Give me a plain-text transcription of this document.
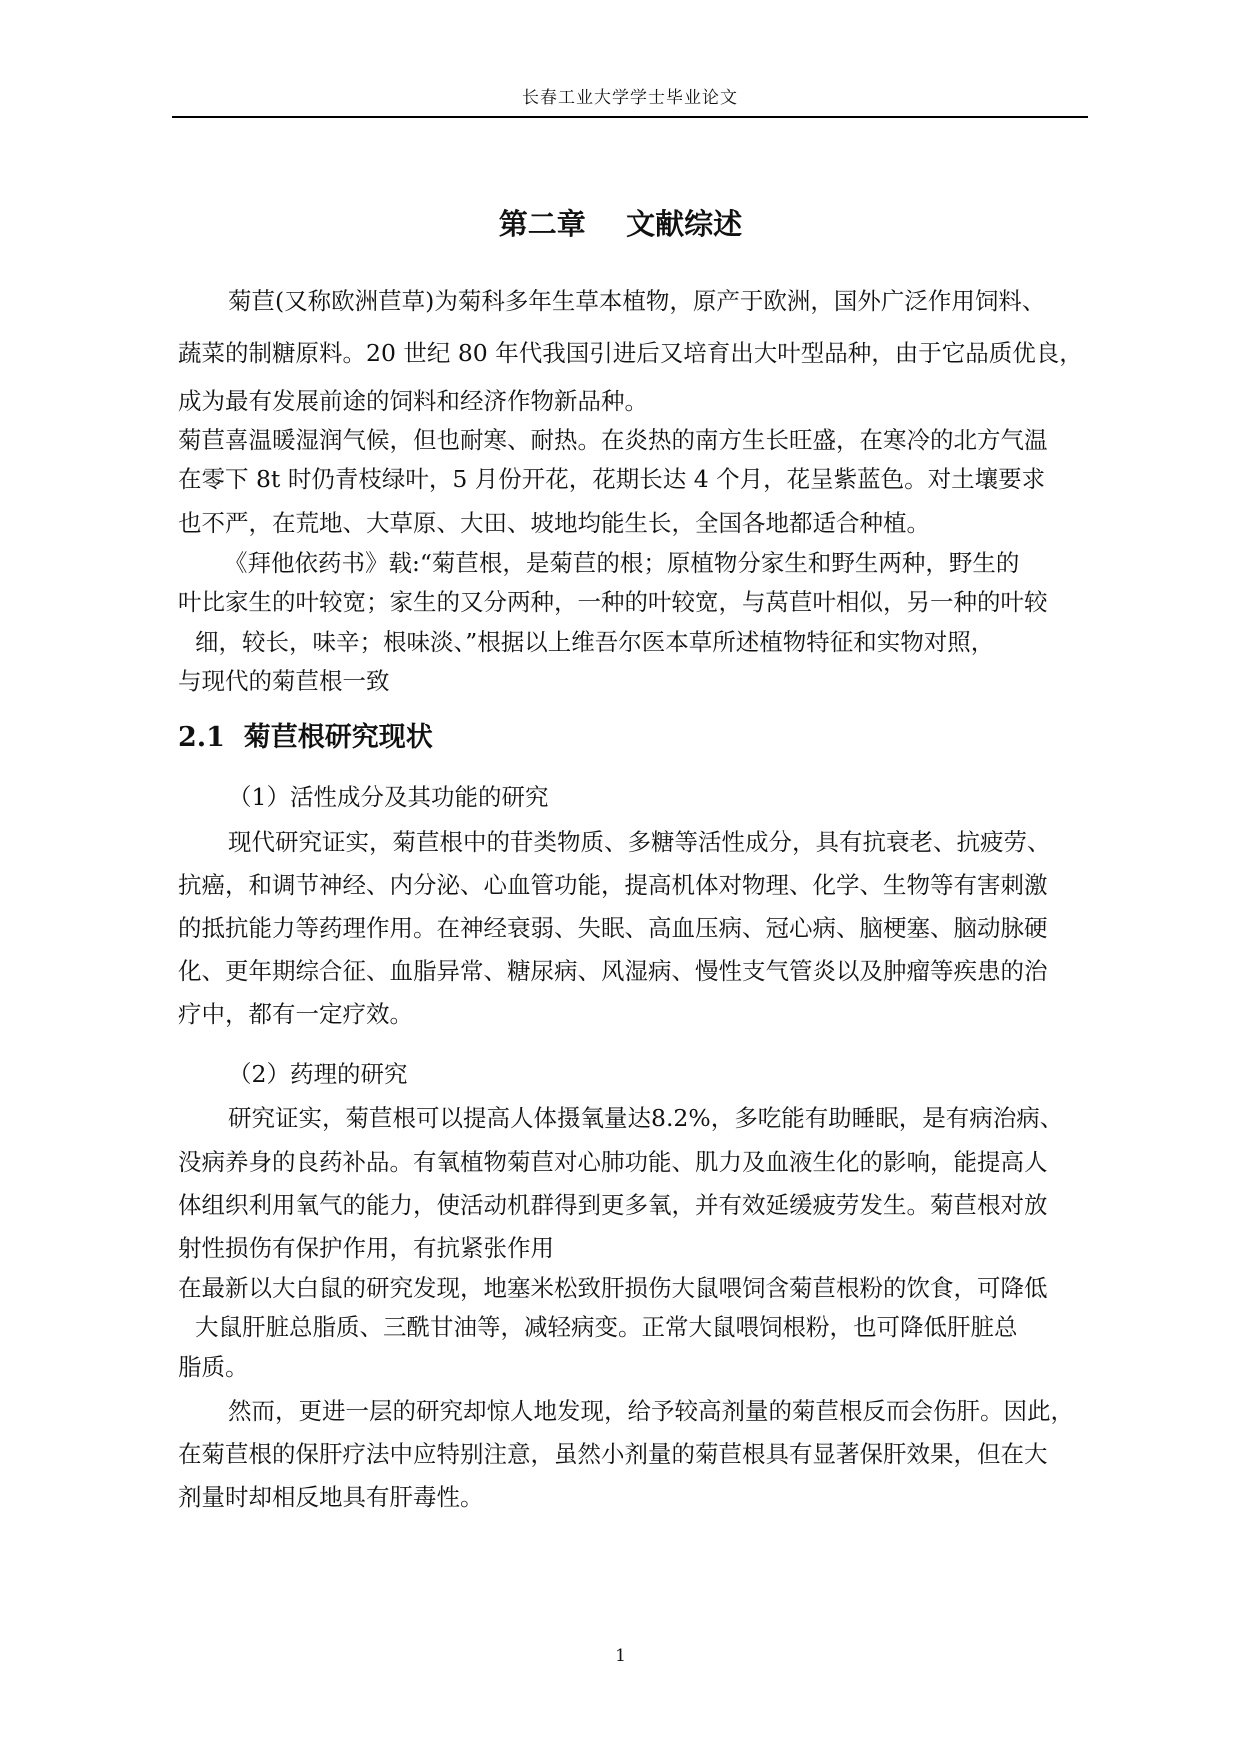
长春工业大学学士毕业论文
第二章    文献综述
菊苣(又称欧洲苣草)为菊科多年生草本植物，原产于欧洲，国外广泛作用饲料、
蔬菜的制糖原料。20 世纪 80 年代我国引进后又培育出大叶型品种，由于它品质优良，
成为最有发展前途的饲料和经济作物新品种。
菊苣喜温暖湿润气候，但也耐寒、耐热。在炎热的南方生长旺盛，在寒冷的北方气温
在零下 8t 时仍青枝绿叶，5 月份开花，花期长达 4 个月，花呈紫蓝色。对土壤要求
也不严，在荒地、大草原、大田、坡地均能生长，全国各地都适合种植。
《拜他依药书》载:“菊苣根，是菊苣的根；原植物分家生和野生两种，野生的
叶比家生的叶较宽；家生的又分两种，一种的叶较宽，与莴苣叶相似，另一种的叶较
细，较长，味辛；根味淡、”根据以上维吾尔医本草所述植物特征和实物对照，
与现代的菊苣根一致
2.1  菊苣根研究现状
（1）活性成分及其功能的研究
现代研究证实，菊苣根中的苷类物质、多糖等活性成分，具有抗衰老、抗疲劳、
抗癌，和调节神经、内分泌、心血管功能，提高机体对物理、化学、生物等有害刺激
的抵抗能力等药理作用。在神经衰弱、失眠、高血压病、冠心病、脑梗塞、脑动脉硬
化、更年期综合征、血脂异常、糖尿病、风湿病、慢性支气管炎以及肿瘤等疾患的治
疗中，都有一定疗效。
（2）药理的研究
研究证实，菊苣根可以提高人体摄氧量达8.2%，多吃能有助睡眠，是有病治病、
没病养身的良药补品。有氧植物菊苣对心肺功能、肌力及血液生化的影响，能提高人
体组织利用氧气的能力，使活动机群得到更多氧，并有效延缓疲劳发生。菊苣根对放
射性损伤有保护作用，有抗紧张作用
在最新以大白鼠的研究发现，地塞米松致肝损伤大鼠喂饲含菊苣根粉的饮食，可降低
大鼠肝脏总脂质、三酰甘油等，减轻病变。正常大鼠喂饲根粉，也可降低肝脏总
脂质。
然而，更进一层的研究却惊人地发现，给予较高剂量的菊苣根反而会伤肝。因此，
在菊苣根的保肝疗法中应特别注意，虽然小剂量的菊苣根具有显著保肝效果，但在大
剂量时却相反地具有肝毒性。
1
